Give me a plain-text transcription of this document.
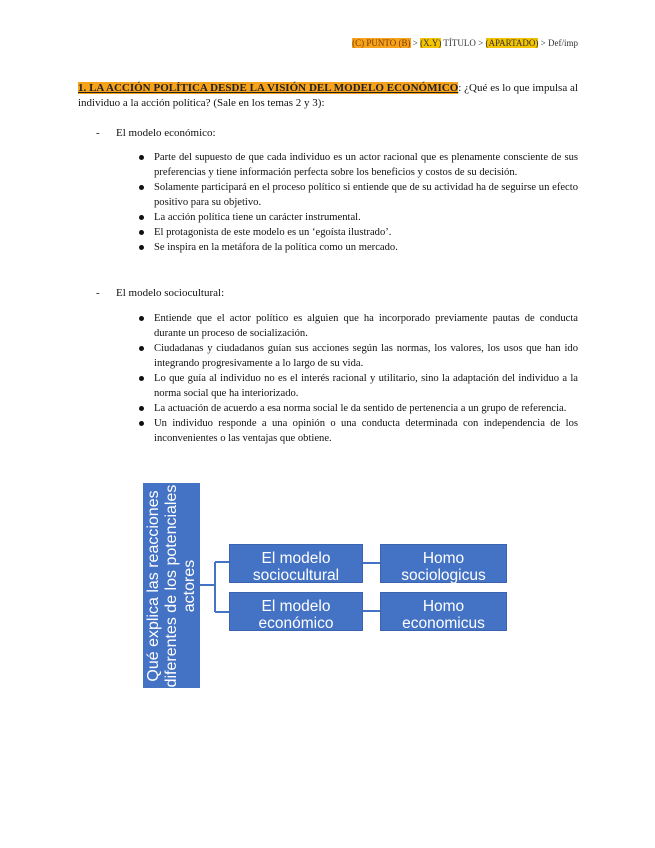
(C) PUNTO (B) > (X.Y) TÍTULO > (APARTADO) > Def/imp
1. LA ACCIÓN POLÍTICA DESDE LA VISIÓN DEL MODELO ECONÓMICO: ¿Qué es lo que impulsa al individuo a la acción política? (Sale en los temas 2 y 3):
- El modelo económico:
Parte del supuesto de que cada individuo es un actor racional que es plenamente consciente de sus preferencias y tiene información perfecta sobre los beneficios y costos de su decisión.
Solamente participará en el proceso político si entiende que de su actividad ha de seguirse un efecto positivo para su objetivo.
La acción política tiene un carácter instrumental.
El protagonista de este modelo es un ‘egoísta ilustrado’.
Se inspira en la metáfora de la política como un mercado.
- El modelo sociocultural:
Entiende que el actor político es alguien que ha incorporado previamente pautas de conducta durante un proceso de socialización.
Ciudadanas y ciudadanos guían sus acciones según las normas, los valores, los usos que han ido integrando progresivamente a lo largo de su vida.
Lo que guía al individuo no es el interés racional y utilitario, sino la adaptación del individuo a la norma social que ha interiorizado.
La actuación de acuerdo a esa norma social le da sentido de pertenencia a un grupo de referencia.
Un individuo responde a una opinión o una conducta determinada con independencia de los inconvenientes o las ventajas que obtiene.
Qué explica las reacciones diferentes de los potenciales actores
El modelo sociocultural
Homo sociologicus
El modelo económico
Homo economicus
